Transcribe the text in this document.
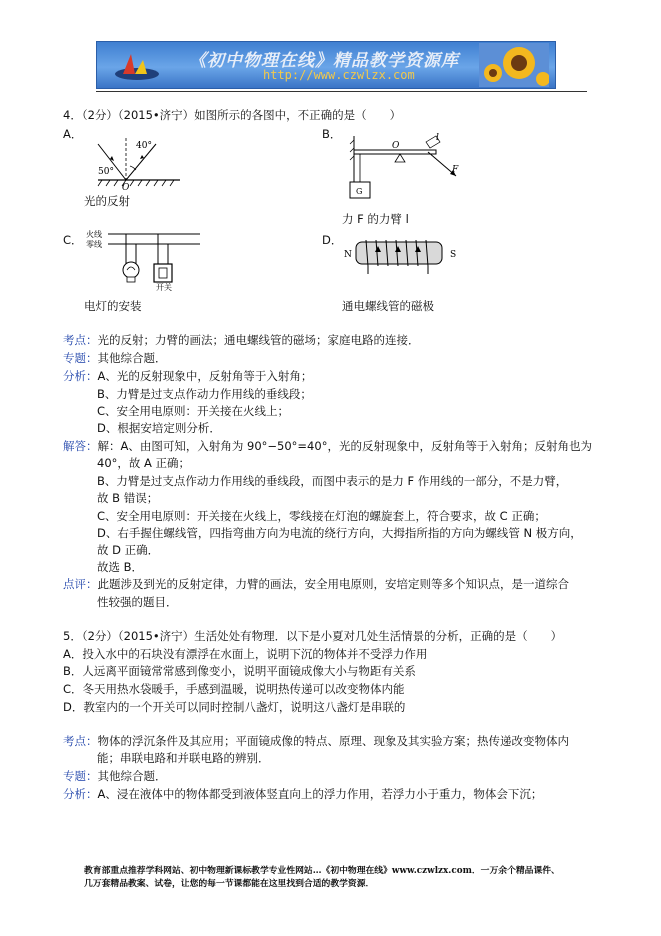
《初中物理在线》精品教学资源库
http://www.czwlzx.com
4．（2分）（2015•济宁）如图所示的各图中，不正确的是（　　）
A．	B．
40°
50°
O
光的反射
O
G
l
F
力 F 的力臂 l
C．	D．
火线
零线
开关
电灯的安装
N	S
通电螺线管的磁极
考点：光的反射；力臂的画法；通电螺线管的磁场；家庭电路的连接．
专题：其他综合题．
分析：A、光的反射现象中，反射角等于入射角；
B、力臂是过支点作动力作用线的垂线段；
C、安全用电原则：开关接在火线上；
D、根据安培定则分析．
解答：解：A、由图可知，入射角为 90°−50°=40°，光的反射现象中，反射角等于入射角；反射角也为
40°，故 A 正确；
B、力臂是过支点作动力作用线的垂线段，而图中表示的是力 F 作用线的一部分，不是力臂，
故 B 错误；
C、安全用电原则：开关接在火线上，零线接在灯泡的螺旋套上，符合要求，故 C 正确；
D、右手握住螺线管，四指弯曲方向为电流的绕行方向，大拇指所指的方向为螺线管 N 极方向，
故 D 正确．
故选 B．
点评：此题涉及到光的反射定律，力臂的画法，安全用电原则，安培定则等多个知识点，是一道综合
性较强的题目．
5．（2分）（2015•济宁）生活处处有物理．以下是小夏对几处生活情景的分析，正确的是（　　）
A．投入水中的石块没有漂浮在水面上，说明下沉的物体并不受浮力作用
B．人远离平面镜常常感到像变小，说明平面镜成像大小与物距有关系
C．冬天用热水袋暖手，手感到温暖，说明热传递可以改变物体内能
D．教室内的一个开关可以同时控制八盏灯，说明这八盏灯是串联的
考点：物体的浮沉条件及其应用；平面镜成像的特点、原理、现象及其实验方案；热传递改变物体内
能；串联电路和并联电路的辨别．
专题：其他综合题．
分析：A、浸在液体中的物体都受到液体竖直向上的浮力作用，若浮力小于重力，物体会下沉；
教育部重点推荐学科网站、初中物理新课标教学专业性网站…《初中物理在线》www.czwlzx.com．一万余个精品课件、
几万套精品教案、试卷，让您的每一节课都能在这里找到合适的教学资源．
